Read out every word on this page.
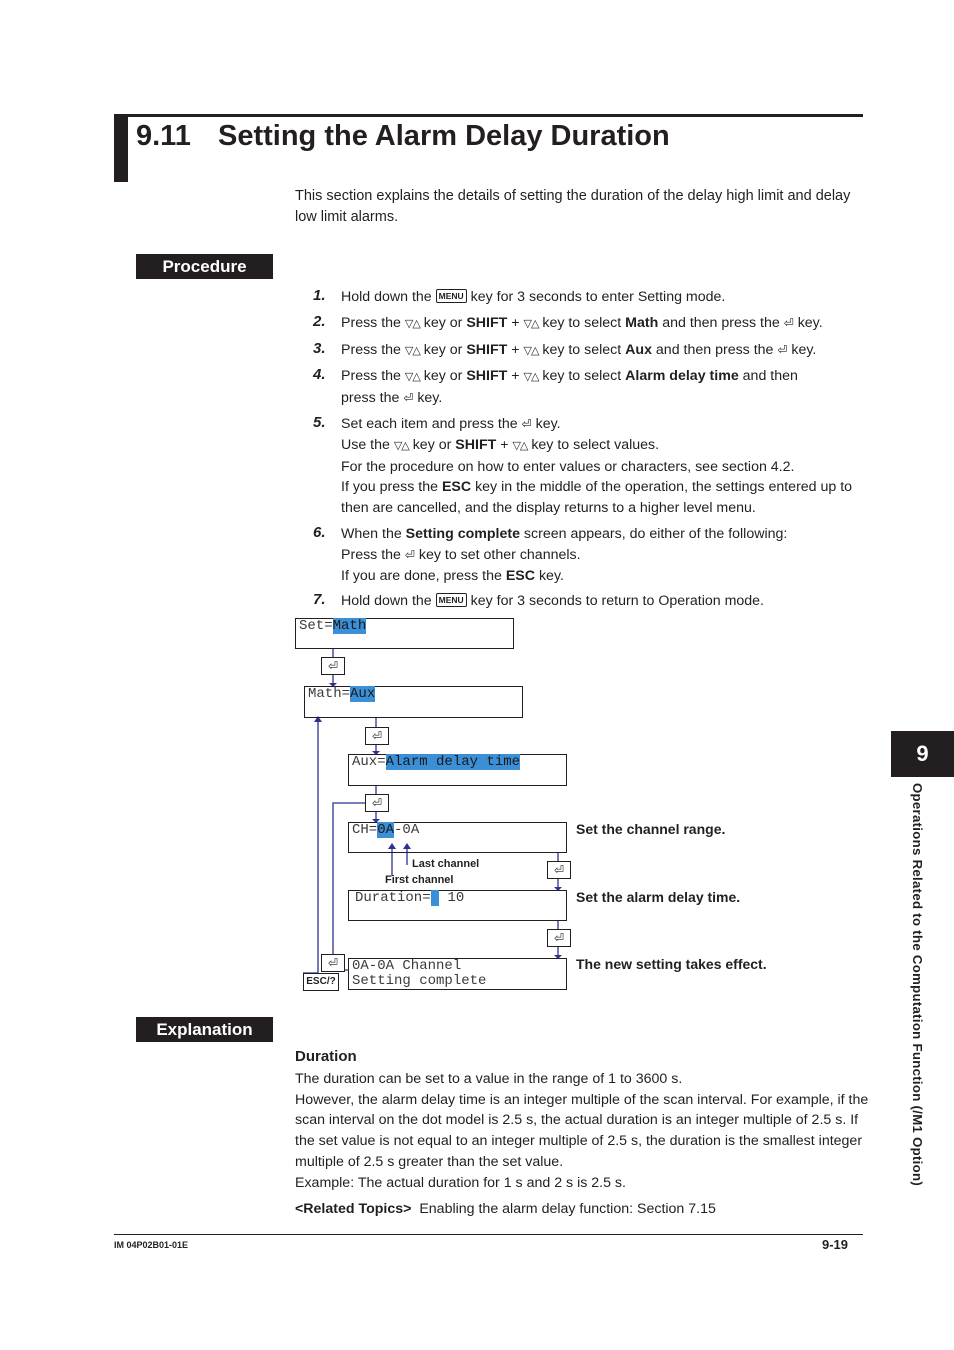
9.11 Setting the Alarm Delay Duration
This section explains the details of setting the duration of the delay high limit and delay low limit alarms.
Procedure
1.	Hold down the MENU key for 3 seconds to enter Setting mode.
2.	Press the ▽△ key or SHIFT + ▽△ key to select Math and then press the ⏎ key.
3.	Press the ▽△ key or SHIFT + ▽△ key to select Aux and then press the ⏎ key.
4.	Press the ▽△ key or SHIFT + ▽△ key to select Alarm delay time and then
press the ⏎ key.
5.	Set each item and press the ⏎ key.
Use the ▽△ key or SHIFT + ▽△ key to select values.
For the procedure on how to enter values or characters, see section 4.2.
If you press the ESC key in the middle of the operation, the settings entered up to then are cancelled, and the display returns to a higher level menu.
6.	When the Setting complete screen appears, do either of the following:
Press the ⏎ key to set other channels.
If you are done, press the ESC key.
7.	Hold down the MENU key for 3 seconds to return to Operation mode.
Set=Math
⏎
Math=Aux
⏎
Aux=Alarm delay time
⏎
CH=0A-0A	Set the channel range.
Last channel
First channel
⏎
Duration=  10	Set the alarm delay time.
⏎
0A-0A Channel
Setting complete
The new setting takes effect.
⏎
ESC/?
Explanation
Duration
The duration can be set to a value in the range of 1 to 3600 s.
However, the alarm delay time is an integer multiple of the scan interval. For example, if the scan interval on the dot model is 2.5 s, the actual duration is an integer multiple of 2.5 s. If the set value is not equal to an integer multiple of 2.5 s, the duration is the smallest integer multiple of 2.5 s greater than the set value.
Example: The actual duration for 1 s and 2 s is 2.5 s.
<Related Topics> Enabling the alarm delay function: Section 7.15
IM 04P02B01-01E	9-19
9
Operations Related to the Computation Function (/M1 Option)
